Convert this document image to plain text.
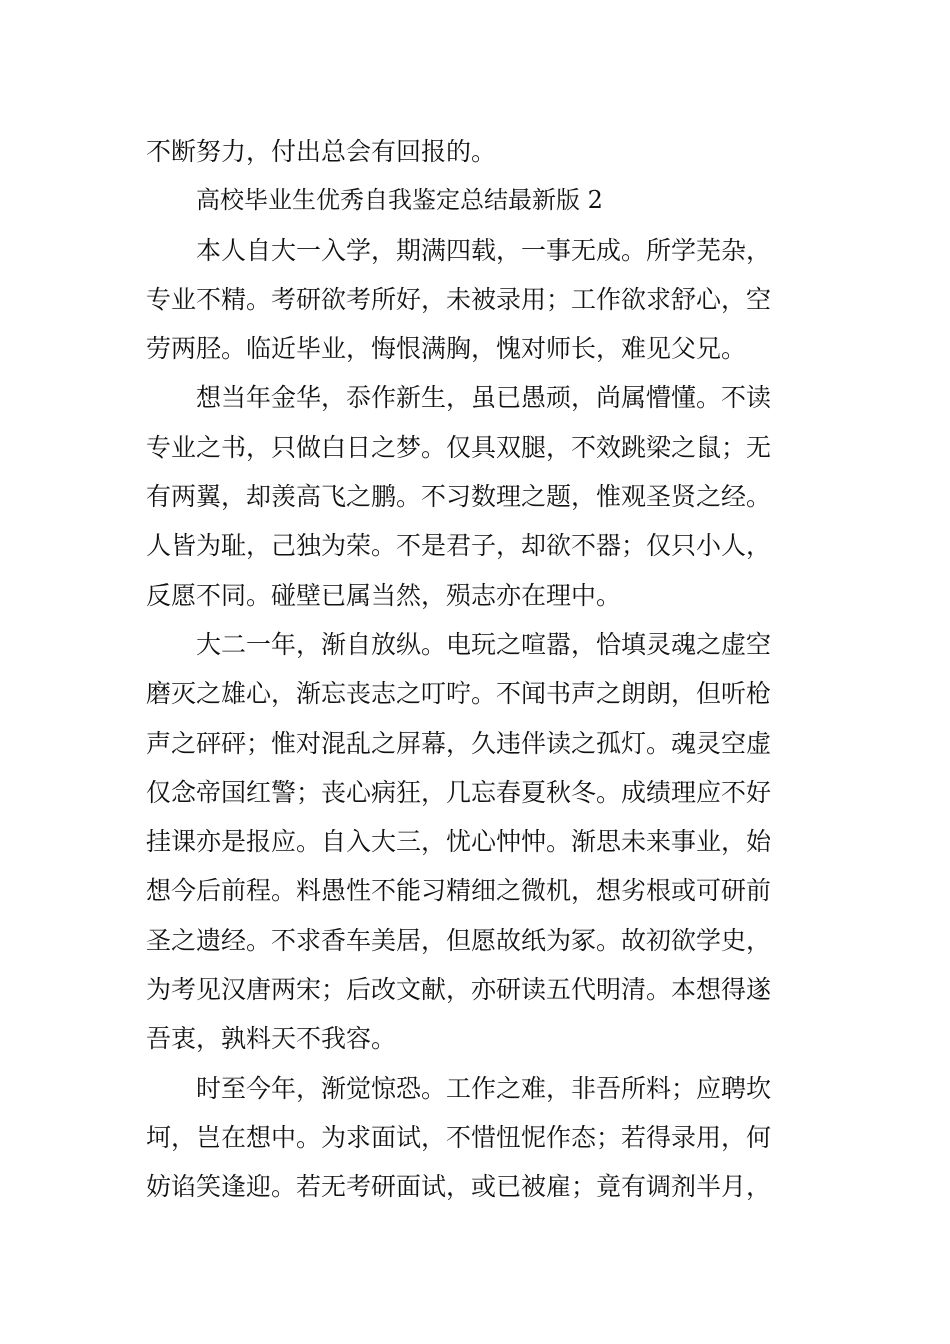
不断努力，付出总会有回报的。
高校毕业生优秀自我鉴定总结最新版 2
本人自大一入学，期满四载，一事无成。所学芜杂，
专业不精。考研欲考所好，未被录用；工作欲求舒心，空
劳两胫。临近毕业，悔恨满胸，愧对师长，难见父兄。
想当年金华，忝作新生，虽已愚顽，尚属懵懂。不读
专业之书，只做白日之梦。仅具双腿，不效跳梁之鼠；无
有两翼，却羡高飞之鹏。不习数理之题，惟观圣贤之经。
人皆为耻，己独为荣。不是君子，却欲不器；仅只小人，
反愿不同。碰壁已属当然，殒志亦在理中。
大二一年，渐自放纵。电玩之喧嚣，恰填灵魂之虚空
磨灭之雄心，渐忘丧志之叮咛。不闻书声之朗朗，但听枪
声之砰砰；惟对混乱之屏幕，久违伴读之孤灯。魂灵空虚
仅念帝国红警；丧心病狂，几忘春夏秋冬。成绩理应不好
挂课亦是报应。自入大三，忧心忡忡。渐思未来事业，始
想今后前程。料愚性不能习精细之微机，想劣根或可研前
圣之遗经。不求香车美居，但愿故纸为冢。故初欲学史，
为考见汉唐两宋；后改文献，亦研读五代明清。本想得遂
吾衷，孰料天不我容。
时至今年，渐觉惊恐。工作之难，非吾所料；应聘坎
坷，岂在想中。为求面试，不惜忸怩作态；若得录用，何
妨谄笑逢迎。若无考研面试，或已被雇；竟有调剂半月，
